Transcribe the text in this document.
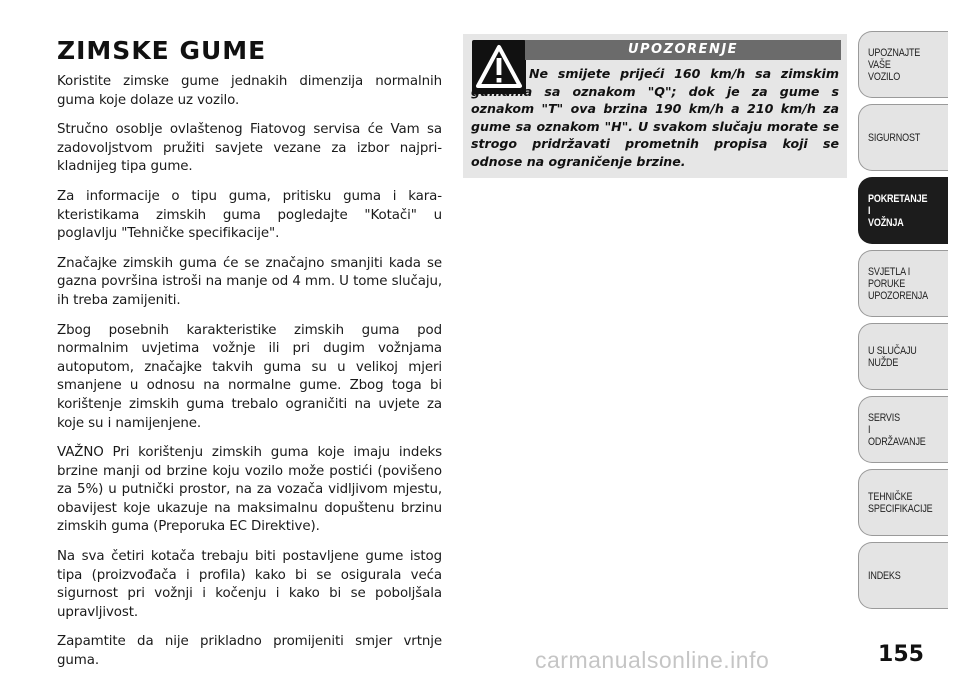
ZIMSKE GUME

Koristite zimske gume jednakih dimenzija normalnih guma koje dolaze uz vozilo.

Stručno osoblje ovlaštenog Fiatovog servisa će Vam sa zadovoljstvom pružiti savjete vezane za izbor najpri-kladnijeg tipa gume.

Za informacije o tipu guma, pritisku guma i kara-kteristikama zimskih guma pogledajte "Kotači" u poglavlju "Tehničke specifikacije".

Značajke zimskih guma će se značajno smanjiti kada se gazna površina istroši na manje od 4 mm. U tome slučaju, ih treba zamijeniti.

Zbog posebnih karakteristike zimskih guma pod normalnim uvjetima vožnje ili pri dugim vožnjama autoputom, značajke takvih guma su u velikoj mjeri smanjene u odnosu na normalne gume. Zbog toga bi korištenje zimskih guma trebalo ograničiti na uvjete za koje su i namijenjene.

VAŽNO Pri korištenju zimskih guma koje imaju indeks brzine manji od brzine koju vozilo može postići (povišeno za 5%) u putnički prostor, na za vozača vidljivom mjestu, obavijest koje ukazuje na maksimalnu dopuštenu brzinu zimskih guma (Preporuka EC Direktive).

Na sva četiri kotača trebaju biti postavljene gume istog tipa (proizvođača i profila) kako bi se osigurala veća sigurnost pri vožnji i kočenju i kako bi se poboljšala upravljivost.

Zapamtite da nije prikladno promijeniti smjer vrtnje guma.

UPOZORENJE

Ne smijete prijeći 160 km/h sa zimskim gumama sa oznakom "Q"; dok je za gume s oznakom "T" ova brzina 190 km/h a 210 km/h za gume sa oznakom "H". U svakom slučaju morate se strogo pridržavati prometnih propisa koji se odnose na ograničenje brzine.

UPOZNAJTE
VAŠE
VOZILO
SIGURNOST
POKRETANJE
I
VOŽNJA
SVJETLA I
PORUKE
UPOZORENJA
U SLUČAJU
NUŽDE
SERVIS
I
ODRŽAVANJE
TEHNIČKE
SPECIFIKACIJE
INDEKS
carmanualsonline.info	155
